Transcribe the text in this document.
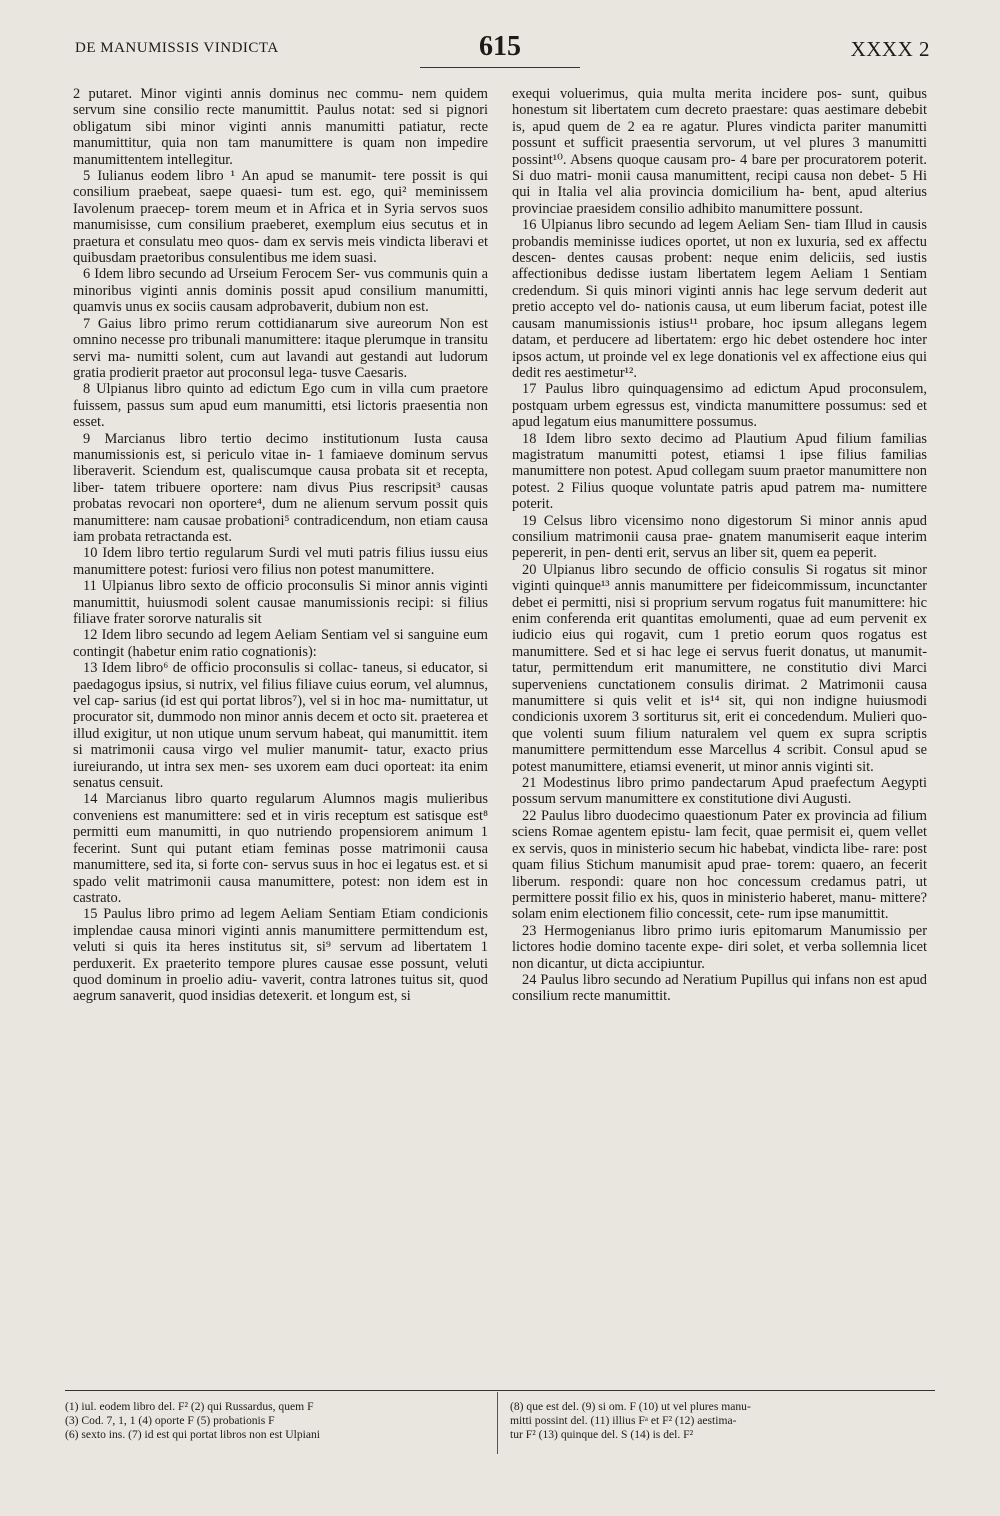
DE MANUMISSIS VINDICTA	615	XXXX 2

2 putaret. Minor viginti annis dominus nec commu- nem quidem servum sine consilio recte manumittit. Paulus notat: sed si pignori obligatum sibi minor viginti annis manumitti patiatur, recte manumittitur, quia non tam manumittere is quam non impedire manumittentem intellegitur.

5 Iulianus eodem libro ¹ An apud se manumit- tere possit is qui consilium praebeat, saepe quaesi- tum est. ego, qui² meminissem Iavolenum praecep- torem meum et in Africa et in Syria servos suos manumisisse, cum consilium praeberet, exemplum eius secutus et in praetura et consulatu meo quos- dam ex servis meis vindicta liberavi et quibusdam praetoribus consulentibus me idem suasi.

6 Idem libro secundo ad Urseium Ferocem Ser- vus communis quin a minoribus viginti annis dominis possit apud consilium manumitti, quamvis unus ex sociis causam adprobaverit, dubium non est.

7 Gaius libro primo rerum cottidianarum sive aureorum Non est omnino necesse pro tribunali manumittere: itaque plerumque in transitu servi ma- numitti solent, cum aut lavandi aut gestandi aut ludorum gratia prodierit praetor aut proconsul lega- tusve Caesaris.

8 Ulpianus libro quinto ad edictum Ego cum in villa cum praetore fuissem, passus sum apud eum manumitti, etsi lictoris praesentia non esset.

9 Marcianus libro tertio decimo institutionum Iusta causa manumissionis est, si periculo vitae in- 1 famiaeve dominum servus liberaverit. Sciendum est, qualiscumque causa probata sit et recepta, liber- tatem tribuere oportere: nam divus Pius rescripsit³ causas probatas revocari non oportere⁴, dum ne alienum servum possit quis manumittere: nam causae probationi⁵ contradicendum, non etiam causa iam probata retractanda est.

10 Idem libro tertio regularum Surdi vel muti patris filius iussu eius manumittere potest: furiosi vero filius non potest manumittere.

11 Ulpianus libro sexto de officio proconsulis Si minor annis viginti manumittit, huiusmodi solent causae manumissionis recipi: si filius filiave frater sororve naturalis sit

12 Idem libro secundo ad legem Aeliam Sentiam vel si sanguine eum contingit (habetur enim ratio cognationis):

13 Idem libro⁶ de officio proconsulis si collac- taneus, si educator, si paedagogus ipsius, si nutrix, vel filius filiave cuius eorum, vel alumnus, vel cap- sarius (id est qui portat libros⁷), vel si in hoc ma- numittatur, ut procurator sit, dummodo non minor annis decem et octo sit. praeterea et illud exigitur, ut non utique unum servum habeat, qui manumittit. item si matrimonii causa virgo vel mulier manumit- tatur, exacto prius iureiurando, ut intra sex men- ses uxorem eam duci oporteat: ita enim senatus censuit.

14 Marcianus libro quarto regularum Alumnos magis mulieribus conveniens est manumittere: sed et in viris receptum est satisque est⁸ permitti eum manumitti, in quo nutriendo propensiorem animum 1 fecerint. Sunt qui putant etiam feminas posse matrimonii causa manumittere, sed ita, si forte con- servus suus in hoc ei legatus est. et si spado velit matrimonii causa manumittere, potest: non idem est in castrato.

15 Paulus libro primo ad legem Aeliam Sentiam Etiam condicionis implendae causa minori viginti annis manumittere permittendum est, veluti si quis ita heres institutus sit, si⁹ servum ad libertatem 1 perduxerit. Ex praeterito tempore plures causae esse possunt, veluti quod dominum in proelio adiu- vaverit, contra latrones tuitus sit, quod aegrum sanaverit, quod insidias detexerit. et longum est, si

exequi voluerimus, quia multa merita incidere pos- sunt, quibus honestum sit libertatem cum decreto praestare: quas aestimare debebit is, apud quem de 2 ea re agatur. Plures vindicta pariter manumitti possunt et sufficit praesentia servorum, ut vel plures 3 manumitti possint¹⁰. Absens quoque causam pro- 4 bare per procuratorem poterit. Si duo matri- monii causa manumittent, recipi causa non debet- 5 Hi qui in Italia vel alia provincia domicilium ha- bent, apud alterius provinciae praesidem consilio adhibito manumittere possunt.

16 Ulpianus libro secundo ad legem Aeliam Sen- tiam Illud in causis probandis meminisse iudices oportet, ut non ex luxuria, sed ex affectu descen- dentes causas probent: neque enim deliciis, sed iustis affectionibus dedisse iustam libertatem legem Aeliam 1 Sentiam credendum. Si quis minori viginti annis hac lege servum dederit aut pretio accepto vel do- nationis causa, ut eum liberum faciat, potest ille causam manumissionis istius¹¹ probare, hoc ipsum allegans legem datam, et perducere ad libertatem: ergo hic debet ostendere hoc inter ipsos actum, ut proinde vel ex lege donationis vel ex affectione eius qui dedit res aestimetur¹².

17 Paulus libro quinquagensimo ad edictum Apud proconsulem, postquam urbem egressus est, vindicta manumittere possumus: sed et apud legatum eius manumittere possumus.

18 Idem libro sexto decimo ad Plautium Apud filium familias magistratum manumitti potest, etiamsi 1 ipse filius familias manumittere non potest. Apud collegam suum praetor manumittere non potest. 2 Filius quoque voluntate patris apud patrem ma- numittere poterit.

19 Celsus libro vicensimo nono digestorum Si minor annis apud consilium matrimonii causa prae- gnatem manumiserit eaque interim pepererit, in pen- denti erit, servus an liber sit, quem ea peperit.

20 Ulpianus libro secundo de officio consulis Si rogatus sit minor viginti quinque¹³ annis manumittere per fideicommissum, incunctanter debet ei permitti, nisi si proprium servum rogatus fuit manumittere: hic enim conferenda erit quantitas emolumenti, quae ad eum pervenit ex iudicio eius qui rogavit, cum 1 pretio eorum quos rogatus est manumittere. Sed et si hac lege ei servus fuerit donatus, ut manumit- tatur, permittendum erit manumittere, ne constitutio divi Marci superveniens cunctationem consulis dirimat. 2 Matrimonii causa manumittere si quis velit et is¹⁴ sit, qui non indigne huiusmodi condicionis uxorem 3 sortiturus sit, erit ei concedendum. Mulieri quo- que volenti suum filium naturalem vel quem ex supra scriptis manumittere permittendum esse Marcellus 4 scribit. Consul apud se potest manumittere, etiamsi evenerit, ut minor annis viginti sit.

21 Modestinus libro primo pandectarum Apud praefectum Aegypti possum servum manumittere ex constitutione divi Augusti.

22 Paulus libro duodecimo quaestionum Pater ex provincia ad filium sciens Romae agentem epistu- lam fecit, quae permisit ei, quem vellet ex servis, quos in ministerio secum hic habebat, vindicta libe- rare: post quam filius Stichum manumisit apud prae- torem: quaero, an fecerit liberum. respondi: quare non hoc concessum credamus patri, ut permittere possit filio ex his, quos in ministerio haberet, manu- mittere? solam enim electionem filio concessit, cete- rum ipse manumittit.

23 Hermogenianus libro primo iuris epitomarum Manumissio per lictores hodie domino tacente expe- diri solet, et verba sollemnia licet non dicantur, ut dicta accipiuntur.

24 Paulus libro secundo ad Neratium Pupillus qui infans non est apud consilium recte manumittit.

(1) iul. eodem libro del. F² (2) qui Russardus, quem F

(3) Cod. 7, 1, 1 (4) oporte F (5) probationis F

(6) sexto ins. (7) id est qui portat libros non est Ulpiani

(8) que est del. (9) si om. F (10) ut vel plures manu-

mitti possint del. (11) illius Fᵃ et F² (12) aestima-

tur F² (13) quinque del. S (14) is del. F²
